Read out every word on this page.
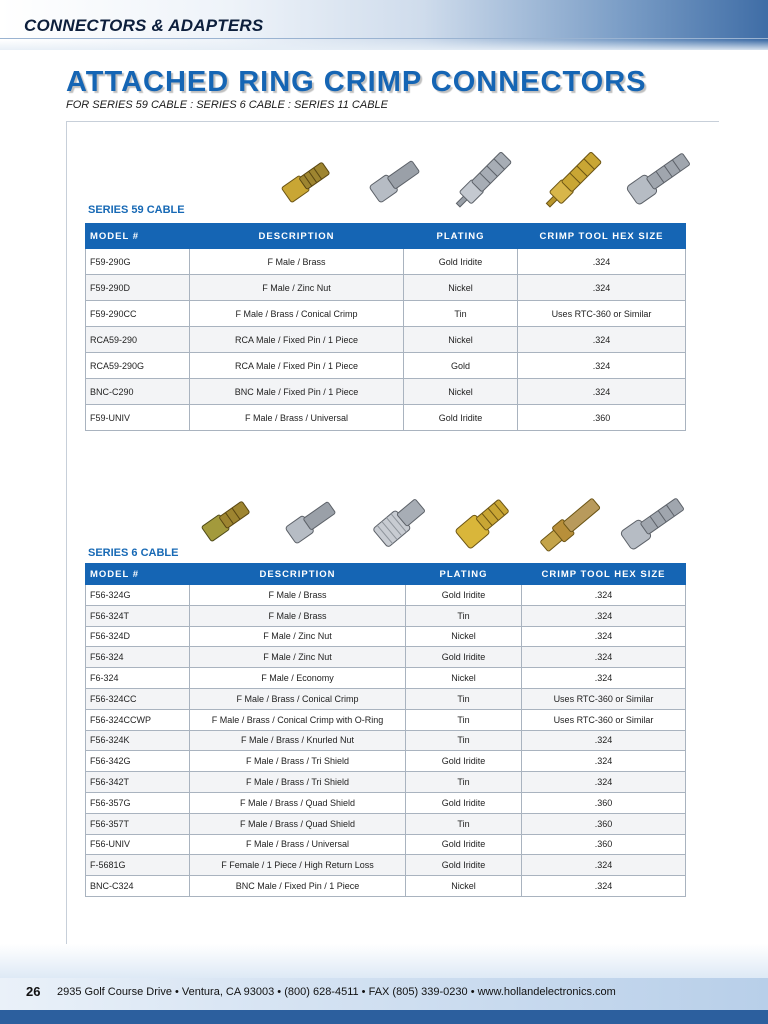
CONNECTORS & ADAPTERS
ATTACHED RING CRIMP CONNECTORS
FOR SERIES 59 CABLE : SERIES 6 CABLE : SERIES 11 CABLE
SERIES 59 CABLE
MODEL #	DESCRIPTION	PLATING	CRIMP TOOL HEX SIZE
F59-290G	F Male / Brass	Gold Iridite	.324
F59-290D	F Male / Zinc Nut	Nickel	.324
F59-290CC	F Male / Brass / Conical Crimp	Tin	Uses RTC-360 or Similar
RCA59-290	RCA Male / Fixed Pin / 1 Piece	Nickel	.324
RCA59-290G	RCA Male / Fixed Pin / 1 Piece	Gold	.324
BNC-C290	BNC Male / Fixed Pin / 1 Piece	Nickel	.324
F59-UNIV	F Male / Brass / Universal	Gold Iridite	.360
SERIES 6 CABLE
MODEL #	DESCRIPTION	PLATING	CRIMP TOOL HEX SIZE
F56-324G	F Male / Brass	Gold Iridite	.324
F56-324T	F Male / Brass	Tin	.324
F56-324D	F Male / Zinc Nut	Nickel	.324
F56-324	F Male / Zinc Nut	Gold Iridite	.324
F6-324	F Male / Economy	Nickel	.324
F56-324CC	F Male / Brass / Conical Crimp	Tin	Uses RTC-360 or Similar
F56-324CCWP	F Male / Brass / Conical Crimp with O-Ring	Tin	Uses RTC-360 or Similar
F56-324K	F Male / Brass / Knurled Nut	Tin	.324
F56-342G	F Male / Brass / Tri Shield	Gold Iridite	.324
F56-342T	F Male / Brass / Tri Shield	Tin	.324
F56-357G	F Male / Brass / Quad Shield	Gold Iridite	.360
F56-357T	F Male / Brass / Quad Shield	Tin	.360
F56-UNIV	F Male / Brass / Universal	Gold Iridite	.360
F-5681G	F Female / 1 Piece / High Return Loss	Gold Iridite	.324
BNC-C324	BNC Male / Fixed Pin / 1 Piece	Nickel	.324
26 2935 Golf Course Drive • Ventura, CA 93003 • (800) 628-4511 • FAX (805) 339-0230 • www.hollandelectronics.com
